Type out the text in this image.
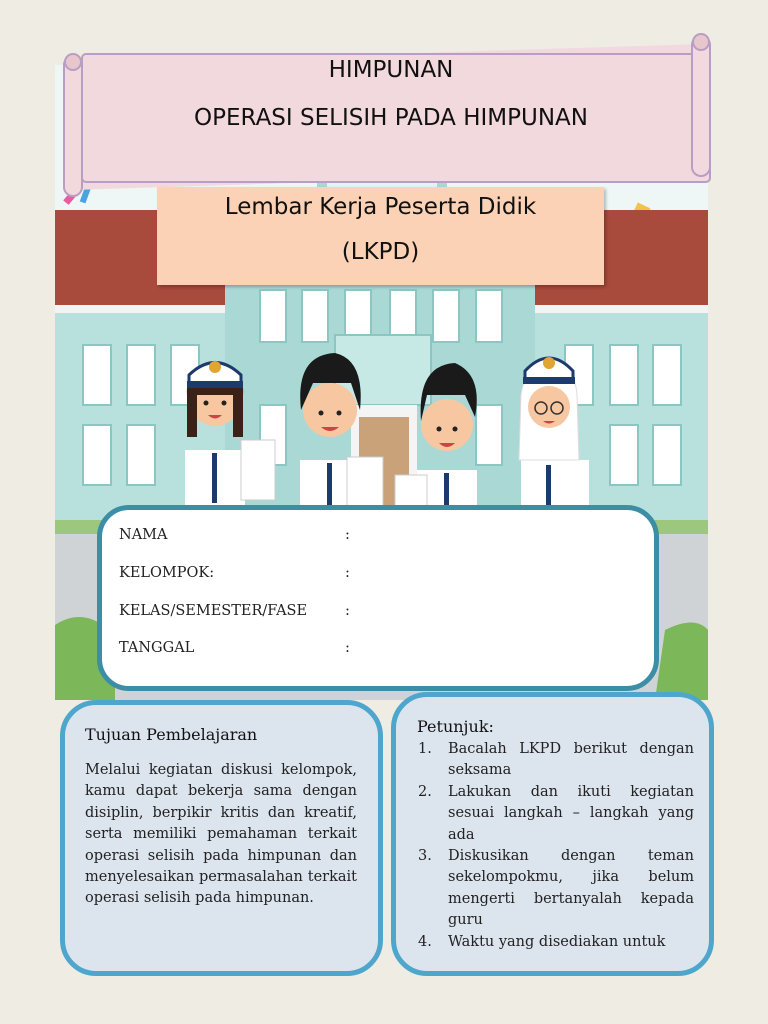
HIMPUNAN
OPERASI SELISIH PADA HIMPUNAN
Lembar Kerja Peserta Didik
(LKPD)
NAMA	:
KELOMPOK:	:
KELAS/SEMESTER/FASE	:
TANGGAL	:
Tujuan Pembelajaran
Melalui kegiatan diskusi kelompok, kamu dapat bekerja sama dengan disiplin, berpikir kritis dan kreatif, serta memiliki pemahaman terkait operasi selisih pada himpunan dan menyelesaikan permasalahan terkait operasi selisih pada himpunan.
Petunjuk:
1. Bacalah LKPD berikut dengan seksama
2. Lakukan dan ikuti kegiatan sesuai langkah – langkah yang ada
3. Diskusikan dengan teman sekelompokmu, jika belum mengerti bertanyalah kepada guru
4. Waktu yang disediakan untuk
